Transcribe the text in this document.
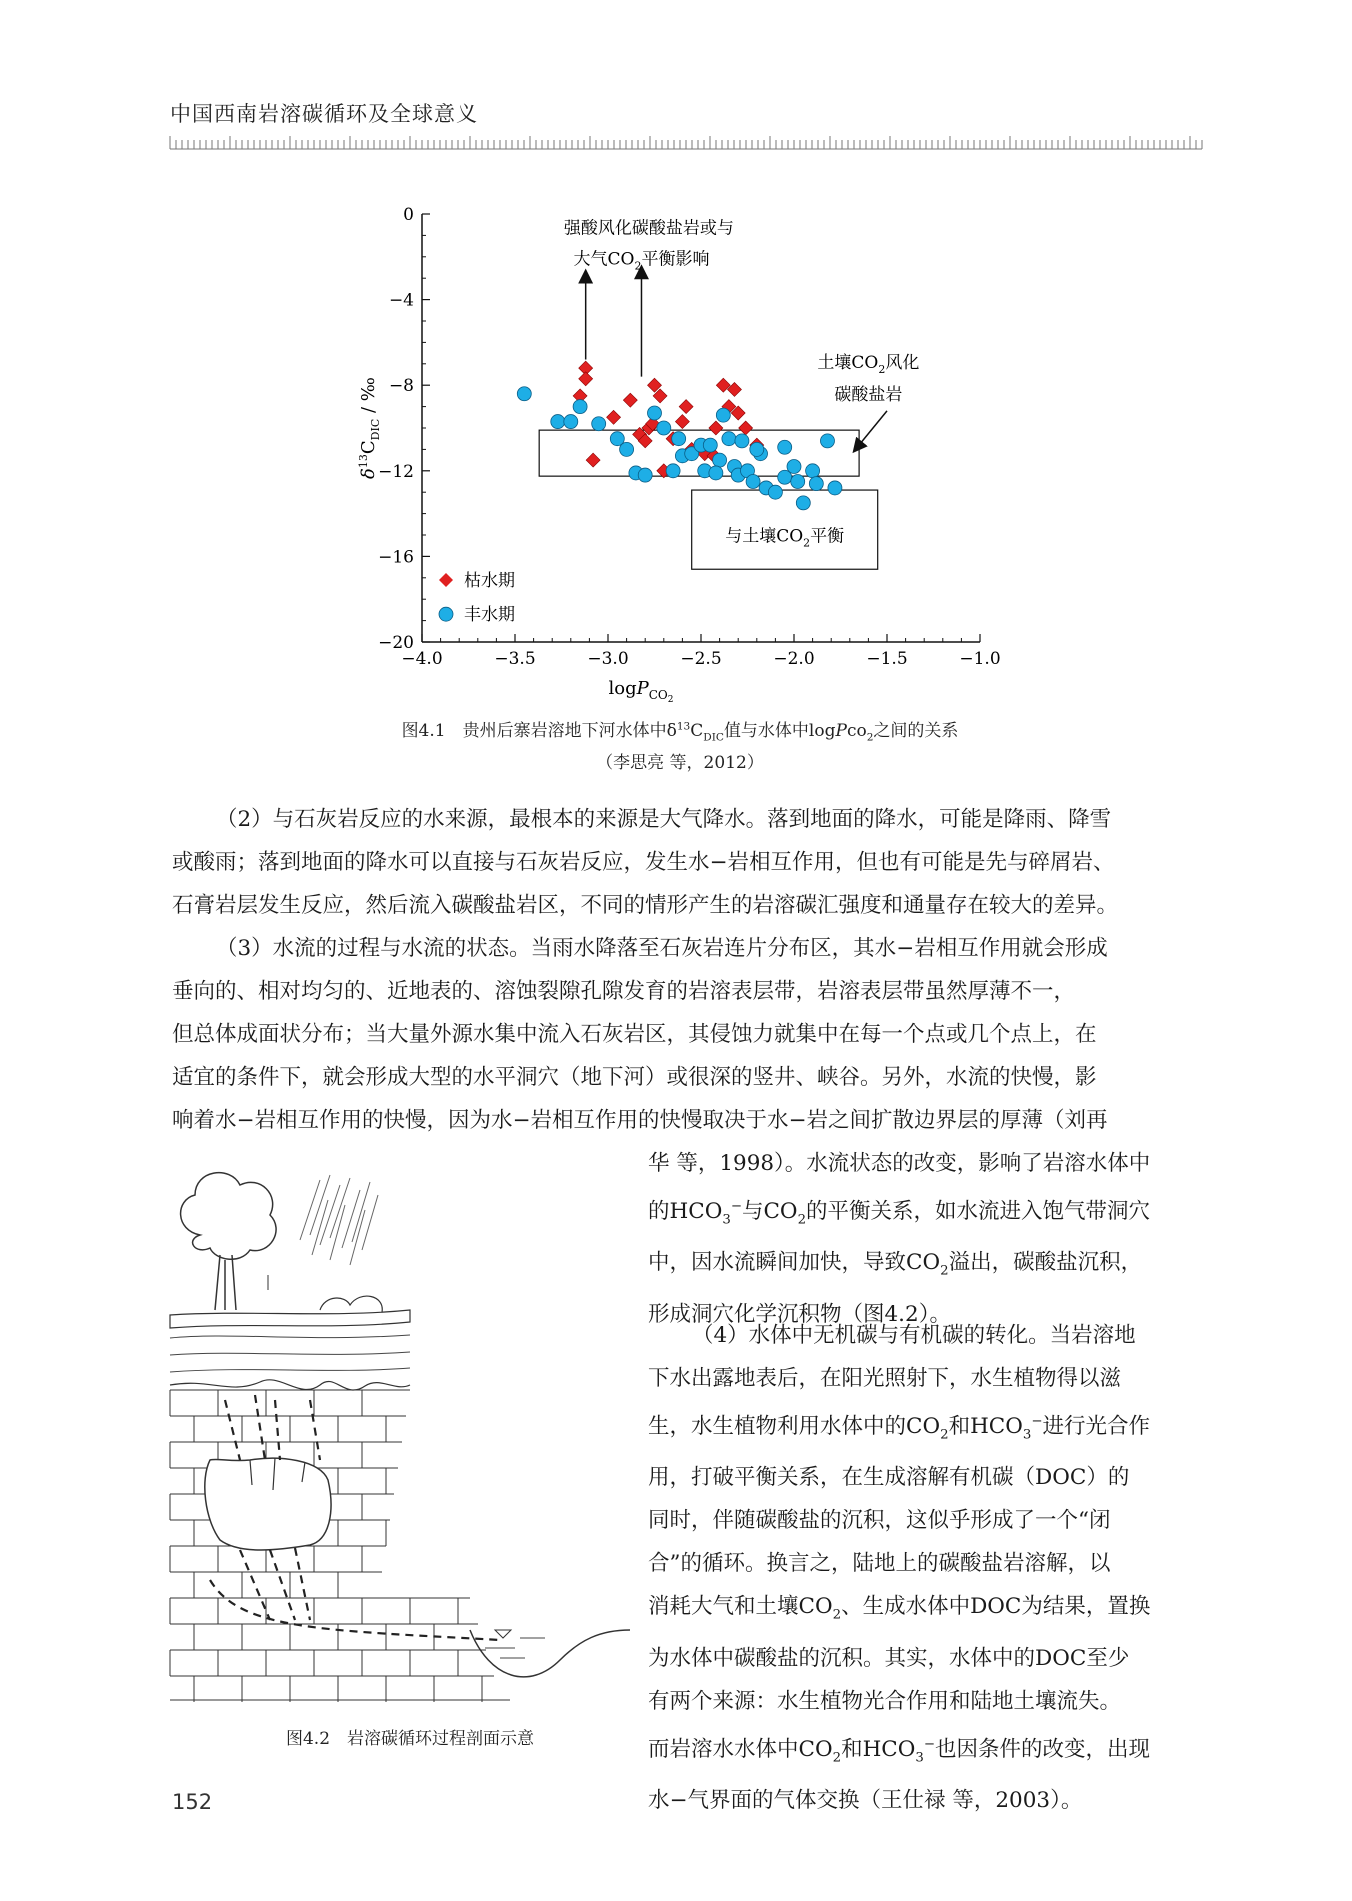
中国西南岩溶碳循环及全球意义
0
−4
−8
−12
−16
−20
−4.0	−3.5	−3.0	−2.5	−2.0	−1.5	−1.0
logP$_{CO}$2
$\delta^{13}C_{DIC}$ / ‰
强酸风化碳酸盐岩或与
大气$CO_2$平衡影响
土壤$CO_2$风化
碳酸盐岩
与土壤$CO_2$平衡
枯水期
丰水期
图4.1　 贵州后寨岩溶地下河水体中$\delta^{13}C_{DIC}$值与水体中logPco$_2$之间的关系
（李思亮 等，2012）
（2）与石灰岩反应的水来源，最根本的来源是大气降水。落到地面的降水，可能是降雨、降雪
或酸雨；落到地面的降水可以直接与石灰岩反应，发生水−岩相互作用，但也有可能是先与碎屑岩、
石膏岩层发生反应，然后流入碳酸盐岩区，不同的情形产生的岩溶碳汇强度和通量存在较大的差异。
（3）水流的过程与水流的状态。当雨水降落至石灰岩连片分布区，其水−岩相互作用就会形成
垂向的、相对均匀的、近地表的、溶蚀裂隙孔隙发育的岩溶表层带，岩溶表层带虽然厚薄不一，
但总体成面状分布；当大量外源水集中流入石灰岩区，其侵蚀力就集中在每一个点或几个点上，在
适宜的条件下，就会形成大型的水平洞穴（地下河）或很深的竖井、峡谷。另外，水流的快慢，影
响着水−岩相互作用的快慢，因为水−岩相互作用的快慢取决于水−岩之间扩散边界层的厚薄（刘再
华 等，1998）。水流状态的改变，影响了岩溶水体中
的$HCO_3^-$与$CO_2$的平衡关系，如水流进入饱气带洞穴
中，因水流瞬间加快，导致$CO_2$溢出，碳酸盐沉积，
形成洞穴化学沉积物（图4.2）。
（4）水体中无机碳与有机碳的转化。当岩溶地
下水出露地表后，在阳光照射下，水生植物得以滋
生，水生植物利用水体中的$CO_2$和$HCO_3^-$进行光合作
用，打破平衡关系，在生成溶解有机碳（DOC）的
同时，伴随碳酸盐的沉积，这似乎形成了一个“闭
合”的循环。换言之，陆地上的碳酸盐岩溶解，以
消耗大气和土壤$CO_2$、生成水体中DOC为结果，置换
为水体中碳酸盐的沉积。其实，水体中的DOC至少
有两个来源：水生植物光合作用和陆地土壤流失。
而岩溶水水体中$CO_2$和$HCO_3^-$也因条件的改变，出现
水−气界面的气体交换（王仕禄 等，2003）。
图4.2　岩溶碳循环过程剖面示意
152
